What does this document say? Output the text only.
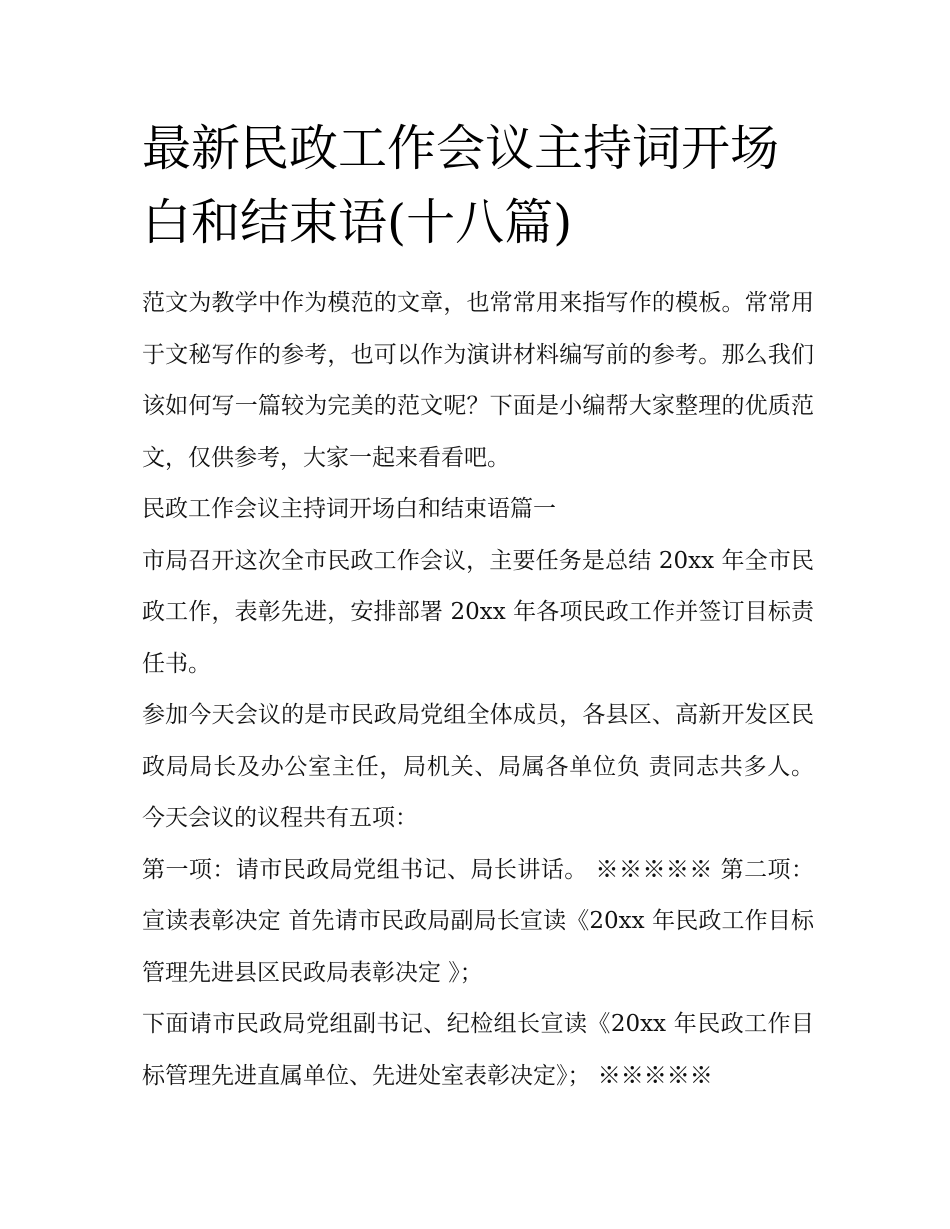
最新民政工作会议主持词开场白和结束语(十八篇)

范文为教学中作为模范的文章，也常常用来指写作的模板。常常用于文秘写作的参考，也可以作为演讲材料编写前的参考。那么我们该如何写一篇较为完美的范文呢？下面是小编帮大家整理的优质范文，仅供参考，大家一起来看看吧。

民政工作会议主持词开场白和结束语篇一

市局召开这次全市民政工作会议，主要任务是总结 20xx 年全市民政工作，表彰先进，安排部署 20xx 年各项民政工作并签订目标责任书。

参加今天会议的是市民政局党组全体成员，各县区、高新开发区民政局局长及办公室主任，局机关、局属各单位负 责同志共多人。 今天会议的议程共有五项：

第一项：请市民政局党组书记、局长讲话。 ※※※※※ 第二项：宣读表彰决定 首先请市民政局副局长宣读《20xx 年民政工作目标管理先进县区民政局表彰决定 》；

下面请市民政局党组副书记、纪检组长宣读《20xx 年民政工作目标管理先进直属单位、先进处室表彰决定》； ※※※※※
